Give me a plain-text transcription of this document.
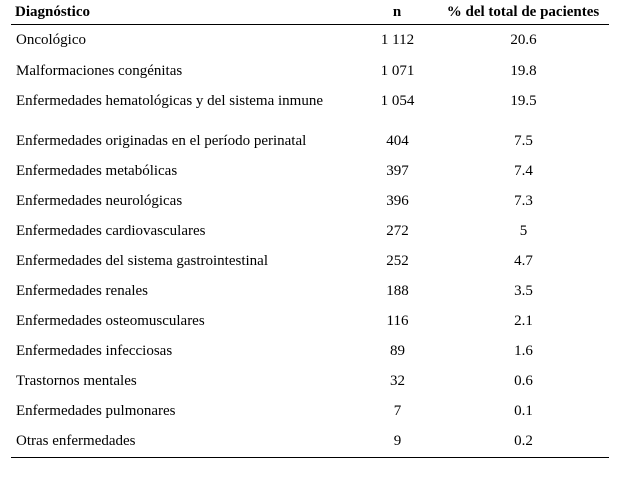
Diagnóstico	n	% del total de pacientes
Oncológico	1 112	20.6
Malformaciones congénitas	1 071	19.8
Enfermedades hematológicas y del sistema inmune	1 054	19.5
Enfermedades originadas en el período perinatal	404	7.5
Enfermedades metabólicas	397	7.4
Enfermedades neurológicas	396	7.3
Enfermedades cardiovasculares	272	5
Enfermedades del sistema gastrointestinal	252	4.7
Enfermedades renales	188	3.5
Enfermedades osteomusculares	116	2.1
Enfermedades infecciosas	89	1.6
Trastornos mentales	32	0.6
Enfermedades pulmonares	7	0.1
Otras enfermedades	9	0.2
